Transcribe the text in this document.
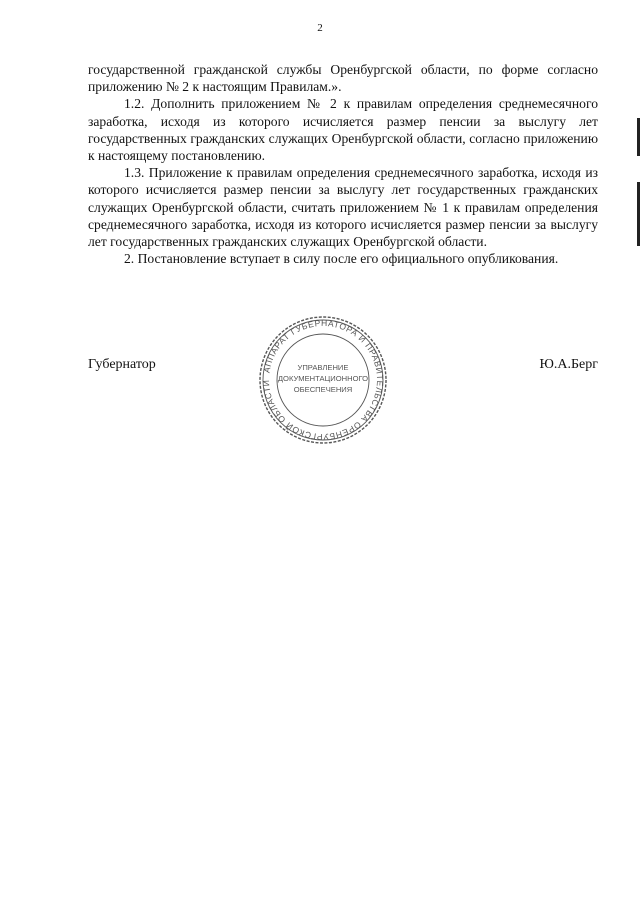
2

государственной гражданской службы Оренбургской области, по форме согласно приложению № 2 к настоящим Правилам.».

1.2. Дополнить приложением № 2 к правилам определения среднемесячного заработка, исходя из которого исчисляется размер пенсии за выслугу лет государственных гражданских служащих Оренбургской области, согласно приложению к настоящему постановлению.

1.3. Приложение к правилам определения среднемесячного заработка, исходя из которого исчисляется размер пенсии за выслугу лет государственных гражданских служащих Оренбургской области, считать приложением № 1 к правилам определения среднемесячного заработка, исходя из которого исчисляется размер пенсии за выслугу лет государственных гражданских служащих Оренбургской области.

2. Постановление вступает в силу после его официального опубликования.

Губернатор	Ю.А.Берг
АППАРАТ ГУБЕРНАТОРА И ПРАВИТЕЛЬСТВА ОРЕНБУРГСКОЙ ОБЛАСТИ
УПРАВЛЕНИЕ
ДОКУМЕНТАЦИОННОГО
ОБЕСПЕЧЕНИЯ
